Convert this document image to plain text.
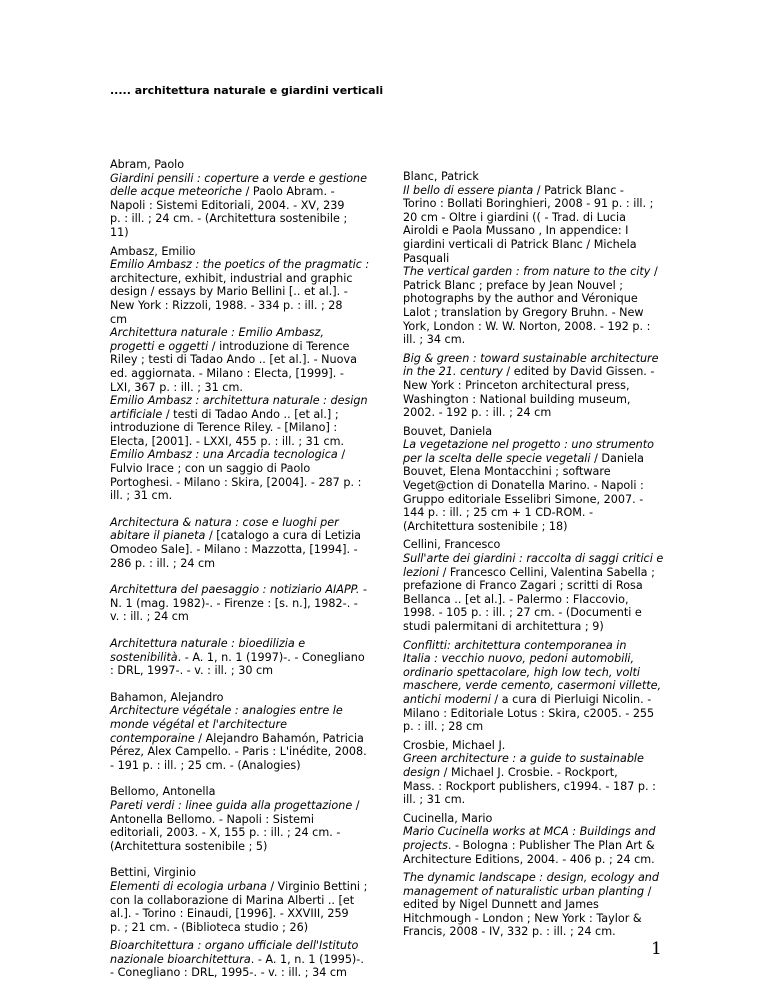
..... architettura naturale e giardini verticali
Abram, Paolo
Giardini pensili : coperture a verde e gestione
delle acque meteoriche / Paolo Abram. -
Napoli : Sistemi Editoriali, 2004. - XV, 239
p. : ill. ; 24 cm. - (Architettura sostenibile ;
11)
Ambasz, Emilio
Emilio Ambasz : the poetics of the pragmatic :
architecture, exhibit, industrial and graphic
design / essays by Mario Bellini [.. et al.]. -
New York : Rizzoli, 1988. - 334 p. : ill. ; 28
cm
Architettura naturale : Emilio Ambasz,
progetti e oggetti / introduzione di Terence
Riley ; testi di Tadao Ando .. [et al.]. - Nuova
ed. aggiornata. - Milano : Electa, [1999]. -
LXI, 367 p. : ill. ; 31 cm.
Emilio Ambasz : architettura naturale : design
artificiale / testi di Tadao Ando .. [et al.] ;
introduzione di Terence Riley. - [Milano] :
Electa, [2001]. - LXXI, 455 p. : ill. ; 31 cm.
Emilio Ambasz : una Arcadia tecnologica /
Fulvio Irace ; con un saggio di Paolo
Portoghesi. - Milano : Skira, [2004]. - 287 p. :
ill. ; 31 cm.
Architectura & natura : cose e luoghi per
abitare il pianeta / [catalogo a cura di Letizia
Omodeo Sale]. - Milano : Mazzotta, [1994]. -
286 p. : ill. ; 24 cm
Architettura del paesaggio : notiziario AIAPP. -
N. 1 (mag. 1982)-. - Firenze : [s. n.], 1982-. -
v. : ill. ; 24 cm
Architettura naturale : bioedilizia e
sostenibilità. - A. 1, n. 1 (1997)-. - Conegliano
: DRL, 1997-. - v. : ill. ; 30 cm
Bahamon, Alejandro
Architecture végétale : analogies entre le
monde végétal et l'architecture
contemporaine / Alejandro Bahamón, Patricia
Pérez, Alex Campello. - Paris : L'inédite, 2008.
- 191 p. : ill. ; 25 cm. - (Analogies)
Bellomo, Antonella
Pareti verdi : linee guida alla progettazione /
Antonella Bellomo. - Napoli : Sistemi
editoriali, 2003. - X, 155 p. : ill. ; 24 cm. -
(Architettura sostenibile ; 5)
Bettini, Virginio
Elementi di ecologia urbana / Virginio Bettini ;
con la collaborazione di Marina Alberti .. [et
al.]. - Torino : Einaudi, [1996]. - XXVIII, 259
p. ; 21 cm. - (Biblioteca studio ; 26)
Bioarchitettura : organo ufficiale dell'Istituto
nazionale bioarchitettura. - A. 1, n. 1 (1995)-.
- Conegliano : DRL, 1995-. - v. : ill. ; 34 cm
Blanc, Patrick
Il bello di essere pianta / Patrick Blanc -
Torino : Bollati Boringhieri, 2008 - 91 p. : ill. ;
20 cm - Oltre i giardini (( - Trad. di Lucia
Airoldi e Paola Mussano , In appendice: I
giardini verticali di Patrick Blanc / Michela
Pasquali
The vertical garden : from nature to the city /
Patrick Blanc ; preface by Jean Nouvel ;
photographs by the author and Véronique
Lalot ; translation by Gregory Bruhn. - New
York, London : W. W. Norton, 2008. - 192 p. :
ill. ; 34 cm.
Big & green : toward sustainable architecture
in the 21. century / edited by David Gissen. -
New York : Princeton architectural press,
Washington : National building museum,
2002. - 192 p. : ill. ; 24 cm
Bouvet, Daniela
La vegetazione nel progetto : uno strumento
per la scelta delle specie vegetali / Daniela
Bouvet, Elena Montacchini ; software
Veget@ction di Donatella Marino. - Napoli :
Gruppo editoriale Esselibri Simone, 2007. -
144 p. : ill. ; 25 cm + 1 CD-ROM. -
(Architettura sostenibile ; 18)
Cellini, Francesco
Sull'arte dei giardini : raccolta di saggi critici e
lezioni / Francesco Cellini, Valentina Sabella ;
prefazione di Franco Zagari ; scritti di Rosa
Bellanca .. [et al.]. - Palermo : Flaccovio,
1998. - 105 p. : ill. ; 27 cm. - (Documenti e
studi palermitani di architettura ; 9)
Conflitti: architettura contemporanea in
Italia : vecchio nuovo, pedoni automobili,
ordinario spettacolare, high low tech, volti
maschere, verde cemento, casermoni villette,
antichi moderni / a cura di Pierluigi Nicolin. -
Milano : Editoriale Lotus : Skira, c2005. - 255
p. : ill. ; 28 cm
Crosbie, Michael J.
Green architecture : a guide to sustainable
design / Michael J. Crosbie. - Rockport,
Mass. : Rockport publishers, c1994. - 187 p. :
ill. ; 31 cm.
Cucinella, Mario
Mario Cucinella works at MCA : Buildings and
projects. - Bologna : Publisher The Plan Art &
Architecture Editions, 2004. - 406 p. ; 24 cm.
The dynamic landscape : design, ecology and
management of naturalistic urban planting /
edited by Nigel Dunnett and James
Hitchmough - London ; New York : Taylor &
Francis, 2008 - IV, 332 p. : ill. ; 24 cm.
1
